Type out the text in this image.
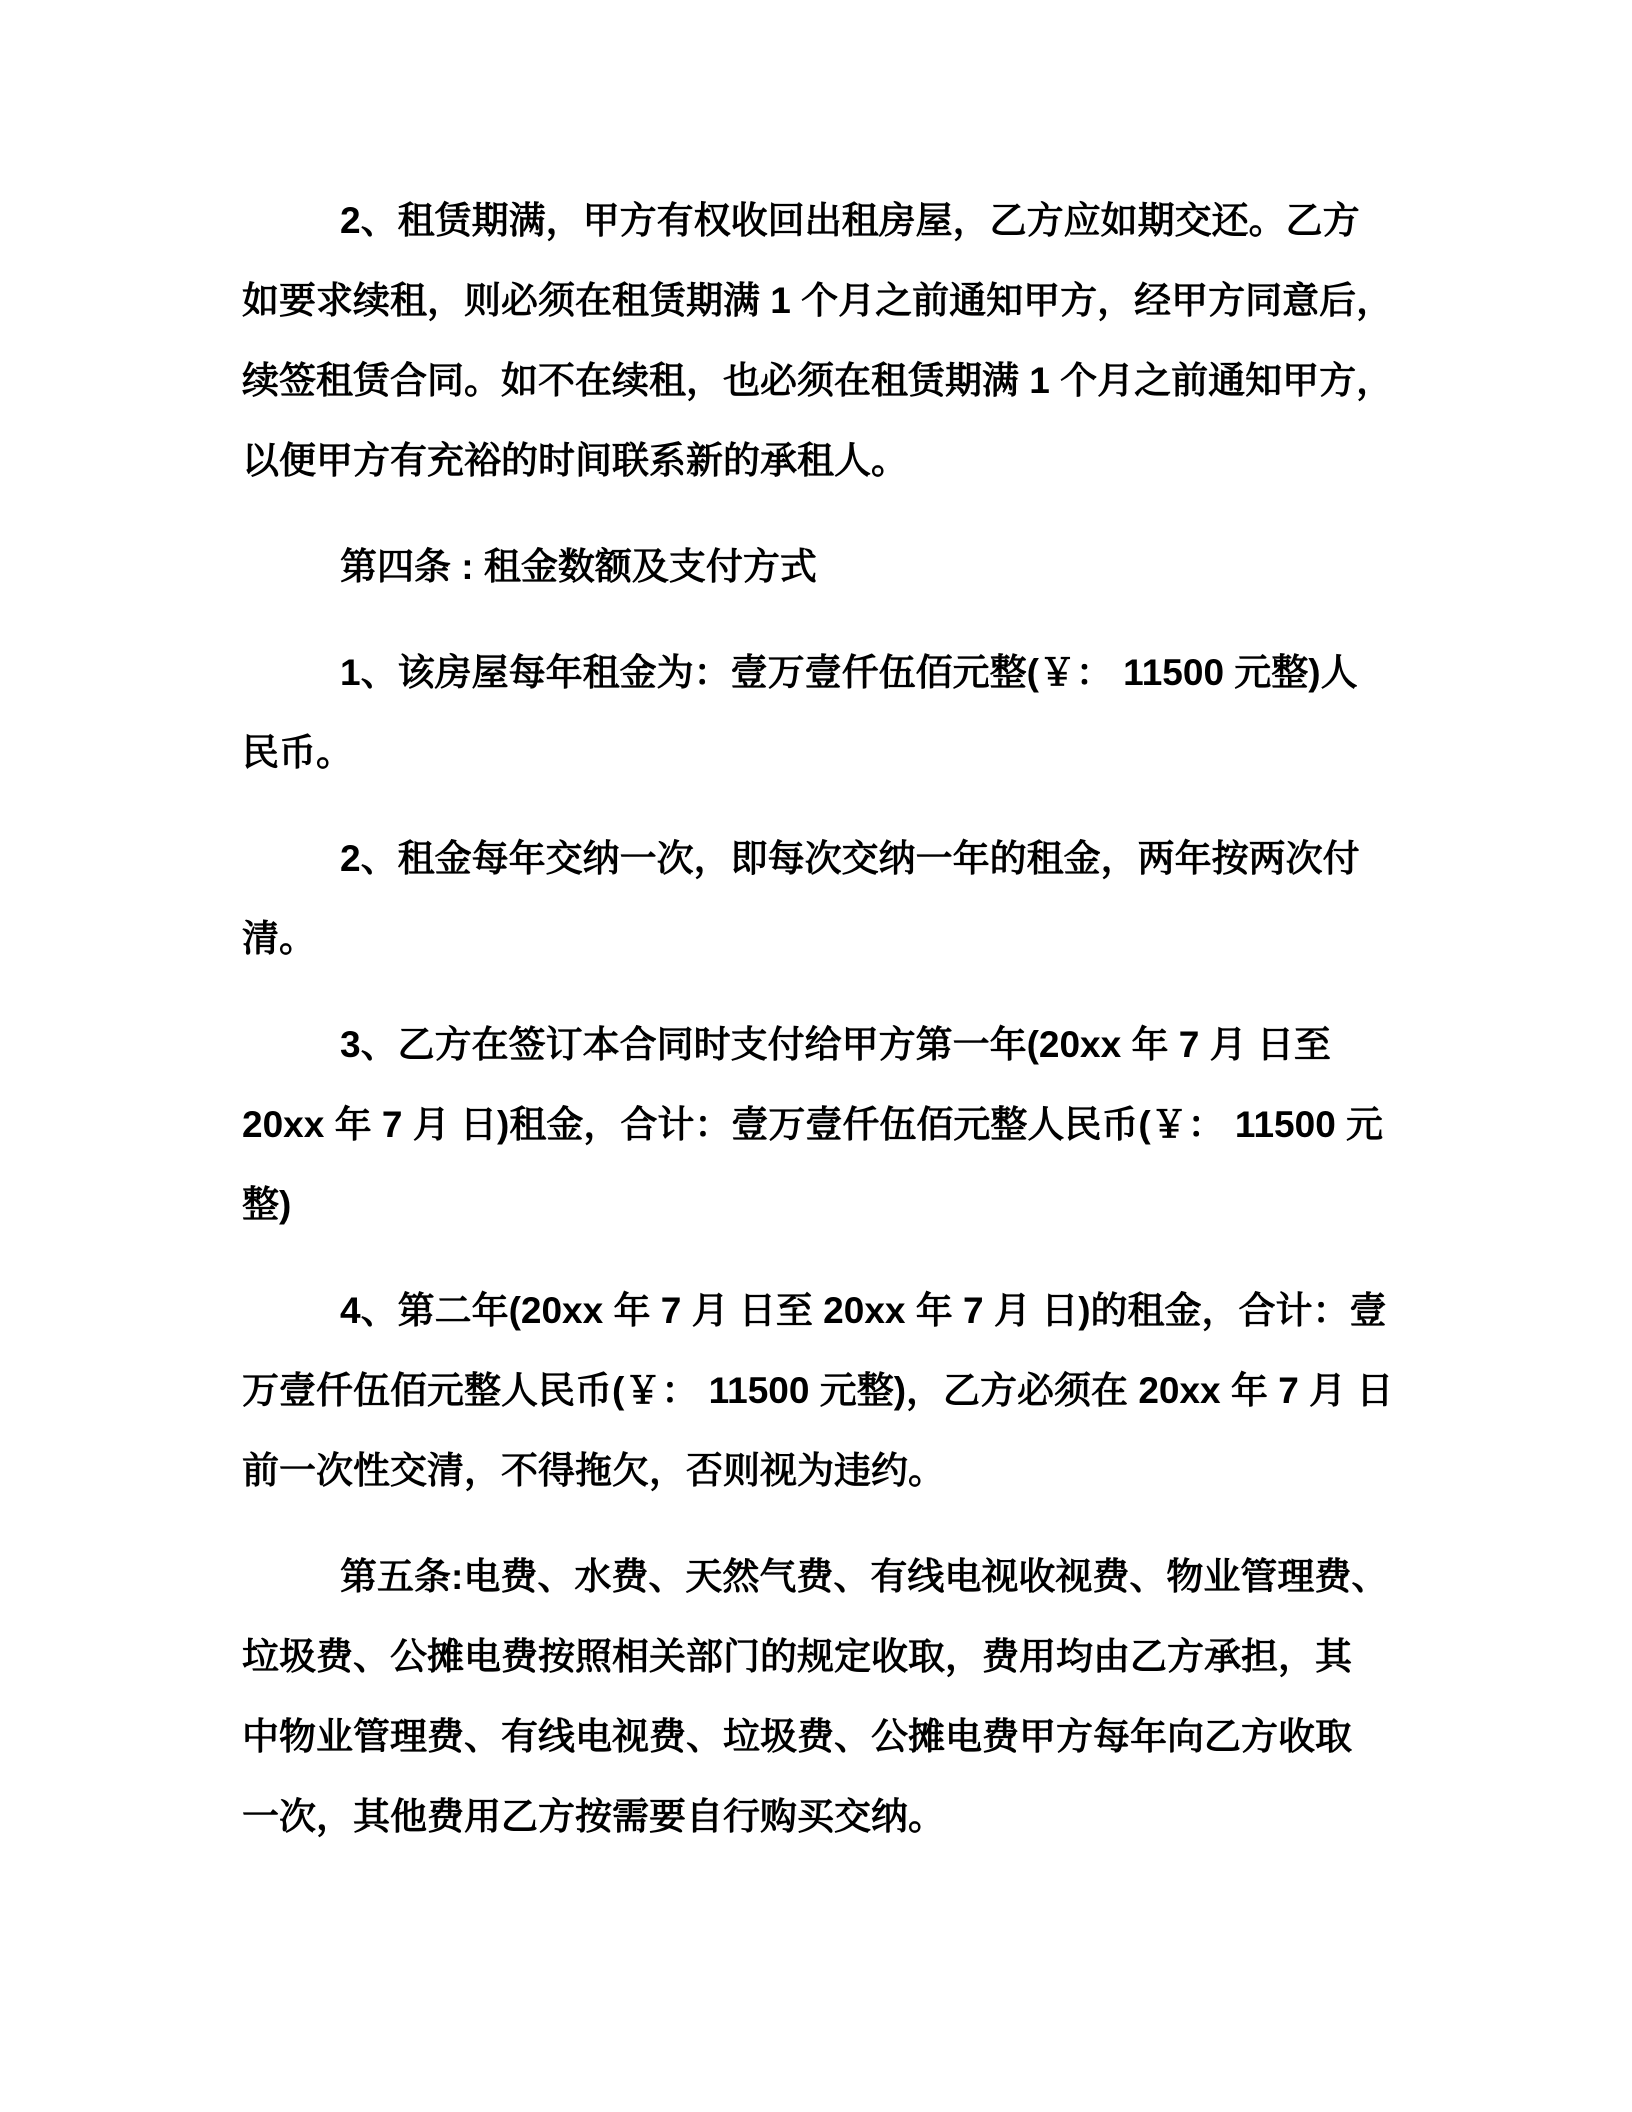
2、租赁期满，甲方有权收回出租房屋，乙方应如期交还。乙方
如要求续租，则必须在租赁期满 1 个月之前通知甲方，经甲方同意后，
续签租赁合同。如不在续租，也必须在租赁期满 1 个月之前通知甲方，
以便甲方有充裕的时间联系新的承租人。

第四条 : 租金数额及支付方式

1、该房屋每年租金为：壹万壹仟伍佰元整(￥： 11500 元整)人
民币。

2、租金每年交纳一次，即每次交纳一年的租金，两年按两次付
清。

3、乙方在签订本合同时支付给甲方第一年(20xx 年 7 月 日至
20xx 年 7 月 日)租金，合计：壹万壹仟伍佰元整人民币(￥： 11500 元
整)

4、第二年(20xx 年 7 月 日至 20xx 年 7 月 日)的租金，合计：壹
万壹仟伍佰元整人民币(￥： 11500 元整)，乙方必须在 20xx 年 7 月 日
前一次性交清，不得拖欠，否则视为违约。

第五条:电费、水费、天然气费、有线电视收视费、物业管理费、
垃圾费、公摊电费按照相关部门的规定收取，费用均由乙方承担，其
中物业管理费、有线电视费、垃圾费、公摊电费甲方每年向乙方收取
一次，其他费用乙方按需要自行购买交纳。
